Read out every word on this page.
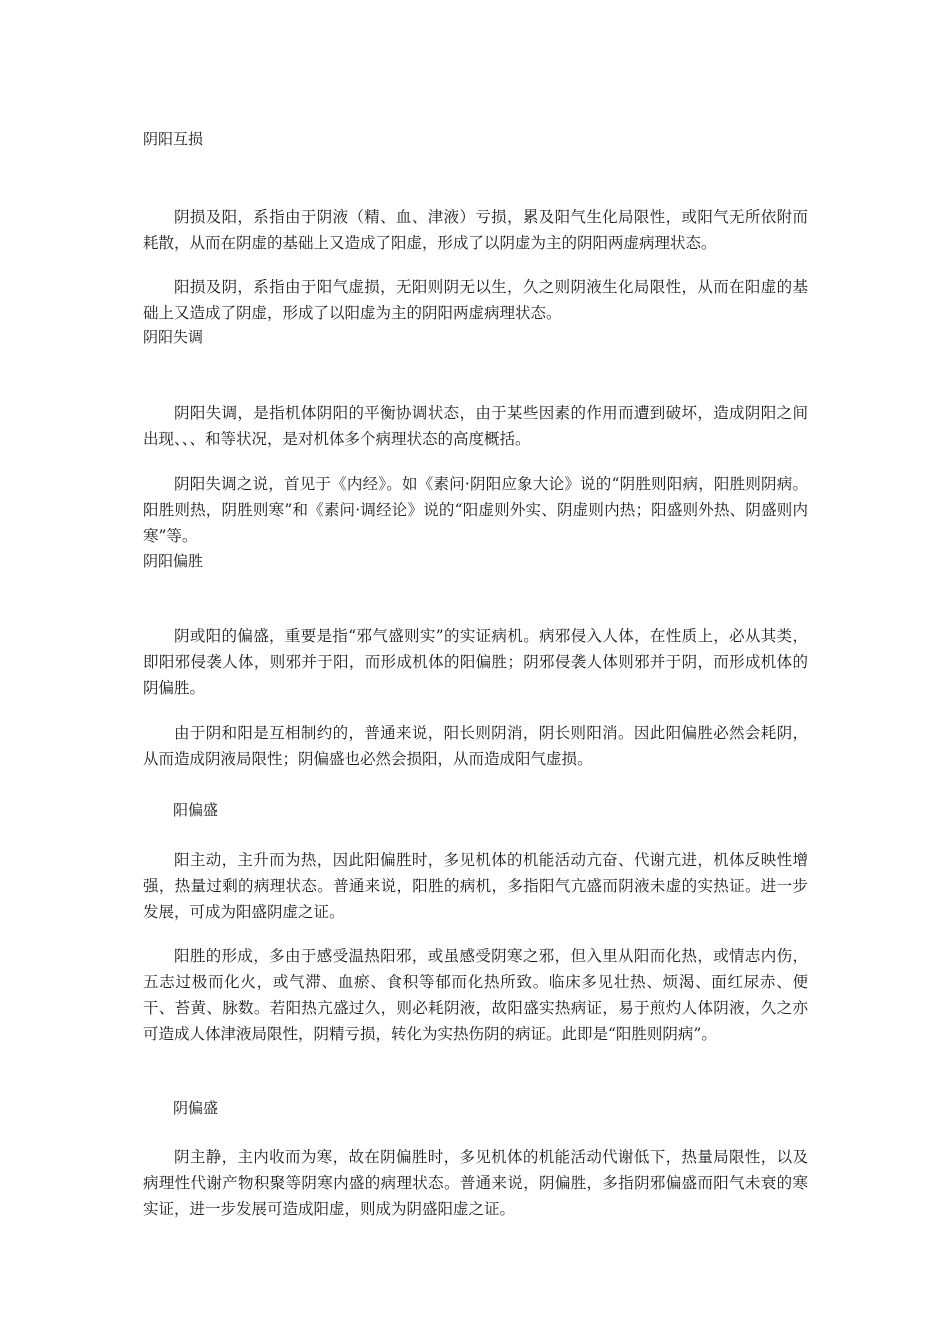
阴阳互损

阴损及阳，系指由于阴液（精、血、津液）亏损，累及阳气生化局限性，或阳气无所依附而耗散，从而在阴虚的基础上又造成了阳虚，形成了以阴虚为主的阴阳两虚病理状态。

阳损及阴，系指由于阳气虚损，无阳则阴无以生，久之则阴液生化局限性，从而在阳虚的基础上又造成了阴虚，形成了以阳虚为主的阴阳两虚病理状态。

阴阳失调

阴阳失调，是指机体阴阳的平衡协调状态，由于某些因素的作用而遭到破坏，造成阴阳之间出现、、、和等状况，是对机体多个病理状态的高度概括。

阴阳失调之说，首见于《内经》。如《素问·阴阳应象大论》说的“阴胜则阳病，阳胜则阴病。阳胜则热，阴胜则寒”和《素问·调经论》说的“阳虚则外实、阴虚则内热；阳盛则外热、阴盛则内寒”等。

阴阳偏胜

阴或阳的偏盛，重要是指“邪气盛则实”的实证病机。病邪侵入人体，在性质上，必从其类，即阳邪侵袭人体，则邪并于阳，而形成机体的阳偏胜；阴邪侵袭人体则邪并于阴，而形成机体的阴偏胜。

由于阴和阳是互相制约的，普通来说，阳长则阴消，阴长则阳消。因此阳偏胜必然会耗阴，从而造成阴液局限性；阴偏盛也必然会损阳，从而造成阳气虚损。

阳偏盛

阳主动，主升而为热，因此阳偏胜时，多见机体的机能活动亢奋、代谢亢进，机体反映性增强，热量过剩的病理状态。普通来说，阳胜的病机，多指阳气亢盛而阴液未虚的实热证。进一步发展，可成为阳盛阴虚之证。

阳胜的形成，多由于感受温热阳邪，或虽感受阴寒之邪，但入里从阳而化热，或情志内伤，五志过极而化火，或气滞、血瘀、食积等郁而化热所致。临床多见壮热、烦渴、面红尿赤、便干、苔黄、脉数。若阳热亢盛过久，则必耗阴液，故阳盛实热病证，易于煎灼人体阴液，久之亦可造成人体津液局限性，阴精亏损，转化为实热伤阴的病证。此即是“阳胜则阴病”。

阴偏盛

阴主静，主内收而为寒，故在阴偏胜时，多见机体的机能活动代谢低下，热量局限性，以及病理性代谢产物积聚等阴寒内盛的病理状态。普通来说，阴偏胜，多指阴邪偏盛而阳气未衰的寒实证，进一步发展可造成阳虚，则成为阴盛阳虚之证。
